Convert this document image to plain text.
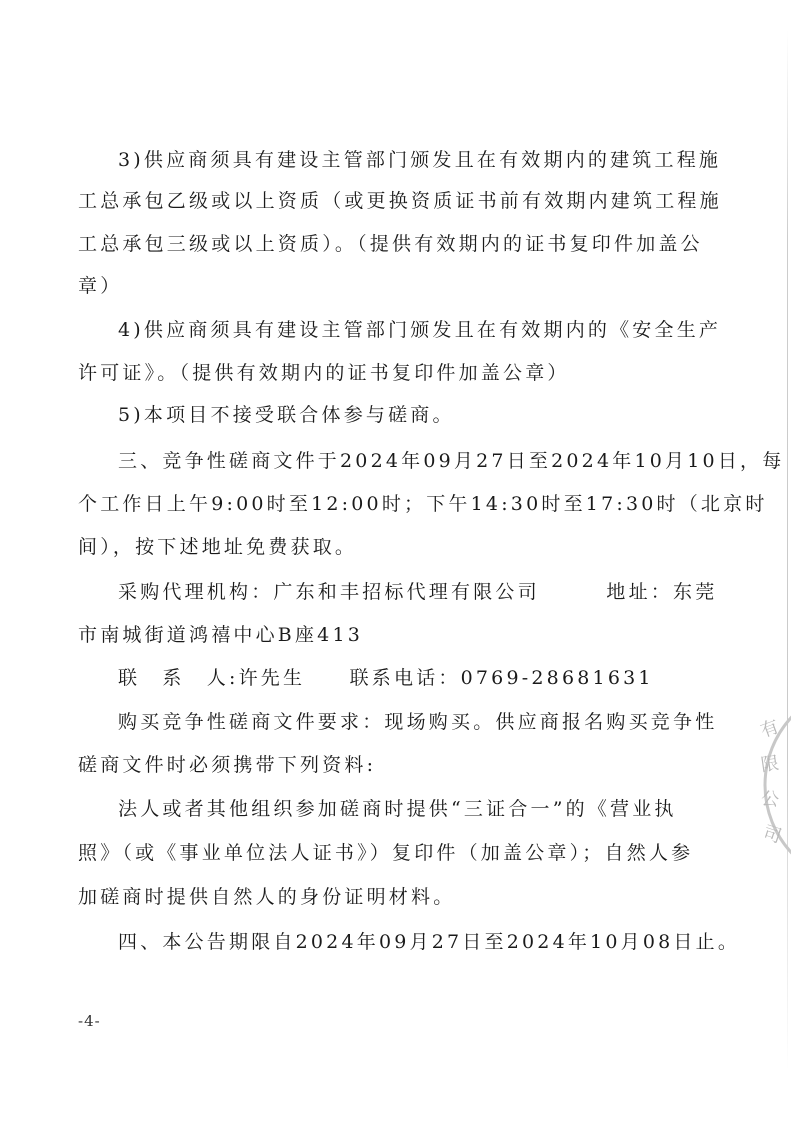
3)供应商须具有建设主管部门颁发且在有效期内的建筑工程施
工总承包乙级或以上资质（或更换资质证书前有效期内建筑工程施
工总承包三级或以上资质）。（提供有效期内的证书复印件加盖公
章）
4)供应商须具有建设主管部门颁发且在有效期内的《安全生产
许可证》。（提供有效期内的证书复印件加盖公章）
5)本项目不接受联合体参与磋商。
三、竞争性磋商文件于2024年09月27日至2024年10月10日，每
个工作日上午9:00时至12:00时；下午14:30时至17:30时（北京时
间），按下述地址免费获取。
采购代理机构：广东和丰招标代理有限公司　　　地址：东莞
市南城街道鸿禧中心B座413
联　系　人:许先生　　联系电话：0769-28681631
购买竞争性磋商文件要求：现场购买。供应商报名购买竞争性
磋商文件时必须携带下列资料:
法人或者其他组织参加磋商时提供“三证合一”的《营业执
照》（或《事业单位法人证书》）复印件（加盖公章）；自然人参
加磋商时提供自然人的身份证明材料。
四、本公告期限自2024年09月27日至2024年10月08日止。
-4-
有
限
公
司
